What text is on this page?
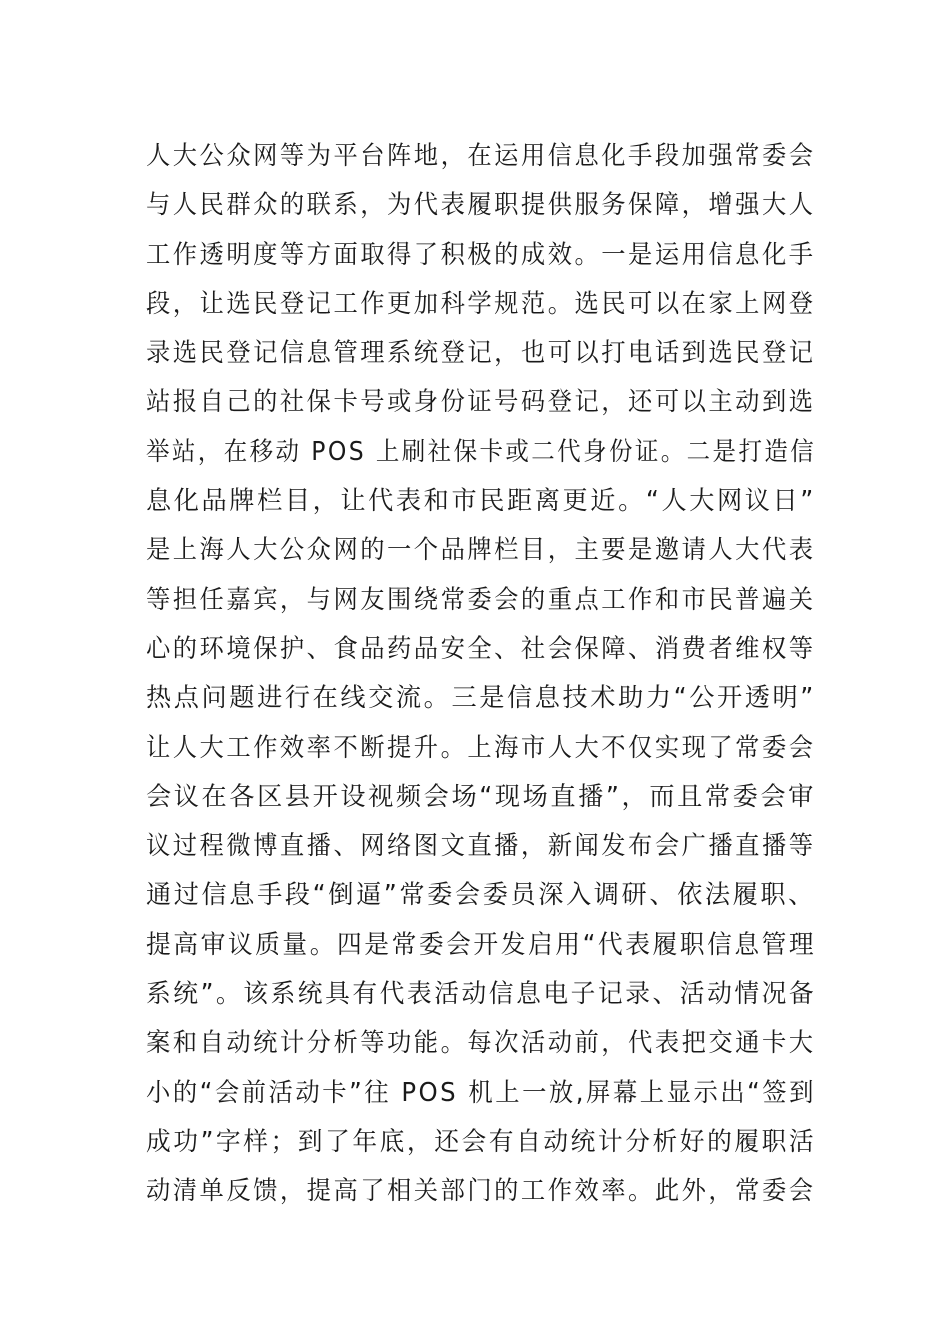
人大公众网等为平台阵地，在运用信息化手段加强常委会
与人民群众的联系，为代表履职提供服务保障，增强大人
工作透明度等方面取得了积极的成效。一是运用信息化手
段，让选民登记工作更加科学规范。选民可以在家上网登
录选民登记信息管理系统登记，也可以打电话到选民登记
站报自己的社保卡号或身份证号码登记，还可以主动到选
举站，在移动 POS 上刷社保卡或二代身份证。二是打造信
息化品牌栏目，让代表和市民距离更近。“人大网议日”
是上海人大公众网的一个品牌栏目，主要是邀请人大代表
等担任嘉宾，与网友围绕常委会的重点工作和市民普遍关
心的环境保护、食品药品安全、社会保障、消费者维权等
热点问题进行在线交流。三是信息技术助力“公开透明”
让人大工作效率不断提升。上海市人大不仅实现了常委会
会议在各区县开设视频会场“现场直播”，而且常委会审
议过程微博直播、网络图文直播，新闻发布会广播直播等
通过信息手段“倒逼”常委会委员深入调研、依法履职、
提高审议质量。四是常委会开发启用“代表履职信息管理
系统”。该系统具有代表活动信息电子记录、活动情况备
案和自动统计分析等功能。每次活动前，代表把交通卡大
小的“会前活动卡”往 POS 机上一放,屏幕上显示出“签到
成功”字样；到了年底，还会有自动统计分析好的履职活
动清单反馈，提高了相关部门的工作效率。此外，常委会
